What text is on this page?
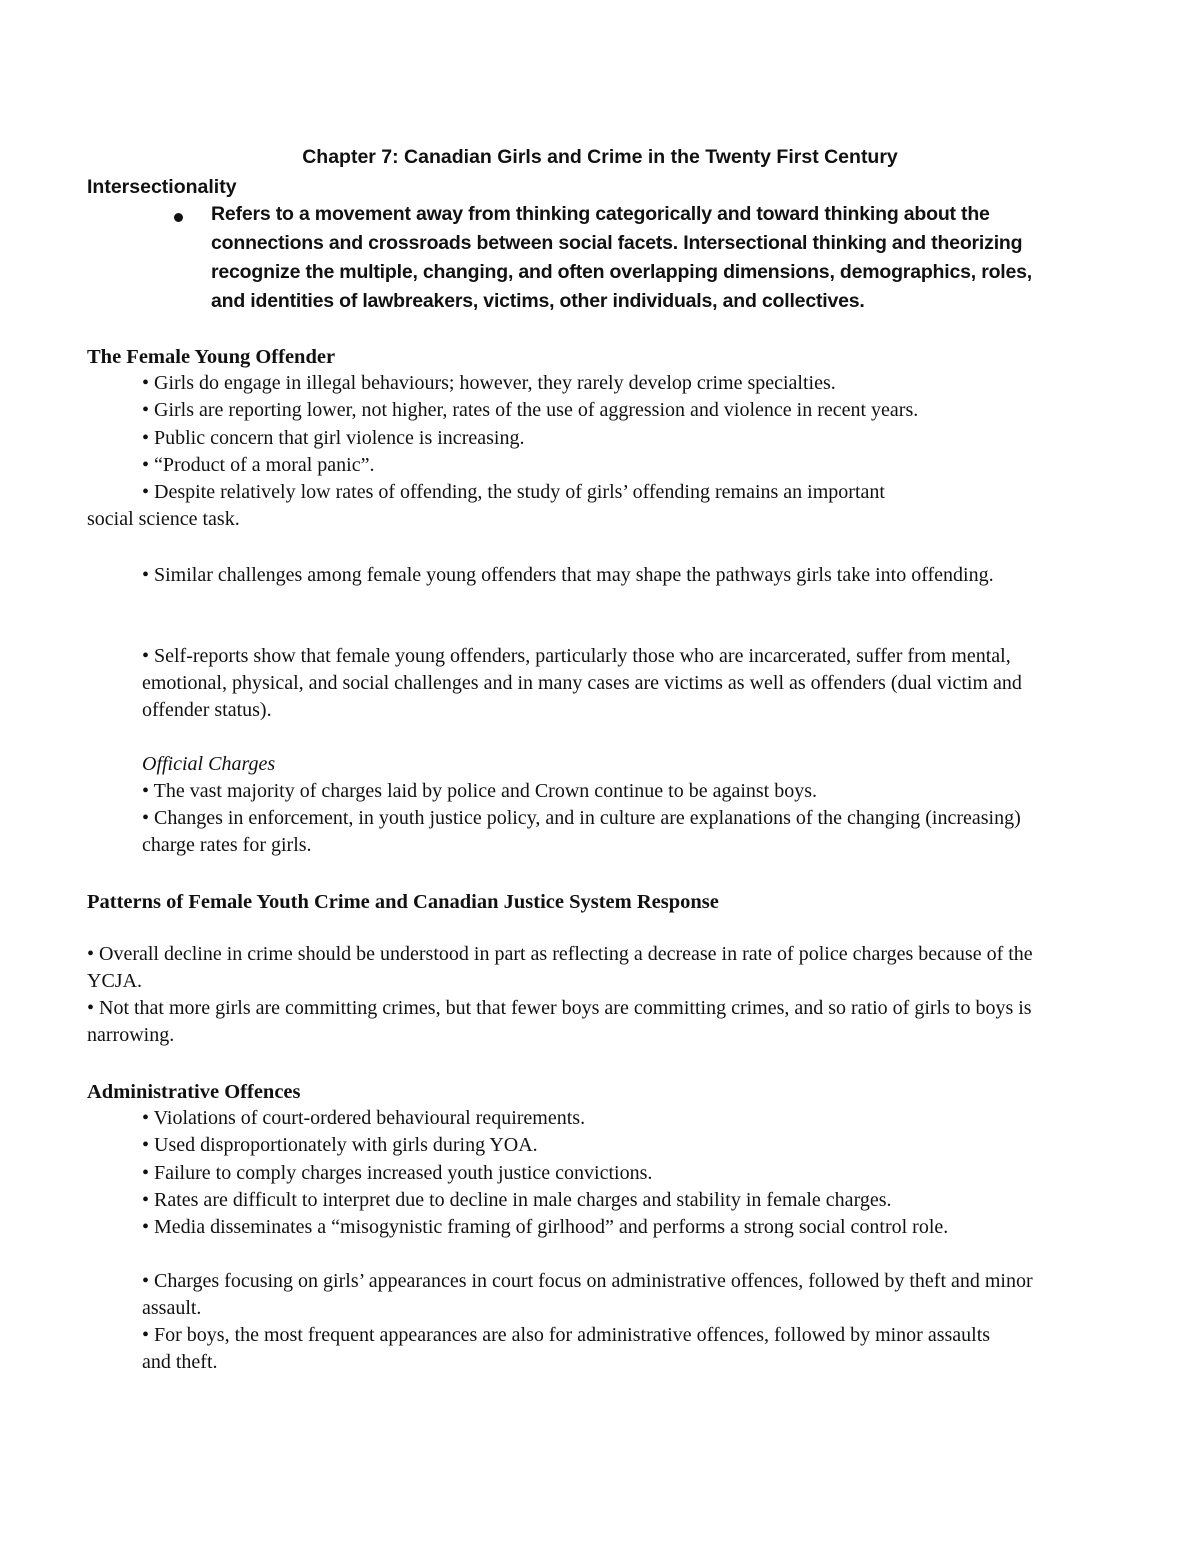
Chapter 7: Canadian Girls and Crime in the Twenty First Century
Intersectionality
Refers to a movement away from thinking categorically and toward thinking about the connections and crossroads between social facets. Intersectional thinking and theorizing recognize the multiple, changing, and often overlapping dimensions, demographics, roles, and identities of lawbreakers, victims, other individuals, and collectives.
The Female Young Offender
• Girls do engage in illegal behaviours; however, they rarely develop crime specialties.
• Girls are reporting lower, not higher, rates of the use of aggression and violence in recent years.
• Public concern that girl violence is increasing.
• “Product of a moral panic”.
• Despite relatively low rates of offending, the study of girls’ offending remains an important
social science task.
• Similar challenges among female young offenders that may shape the pathways girls take into offending.
• Self-reports show that female young offenders, particularly those who are incarcerated, suffer from mental, emotional, physical, and social challenges and in many cases are victims as well as offenders (dual victim and offender status).
Official Charges
• The vast majority of charges laid by police and Crown continue to be against boys.
• Changes in enforcement, in youth justice policy, and in culture are explanations of the changing (increasing) charge rates for girls.
Patterns of Female Youth Crime and Canadian Justice System Response
• Overall decline in crime should be understood in part as reflecting a decrease in rate of police charges because of the YCJA.
• Not that more girls are committing crimes, but that fewer boys are committing crimes, and so ratio of girls to boys is narrowing.
Administrative Offences
• Violations of court-ordered behavioural requirements.
• Used disproportionately with girls during YOA.
• Failure to comply charges increased youth justice convictions.
• Rates are difficult to interpret due to decline in male charges and stability in female charges.
• Media disseminates a “misogynistic framing of girlhood” and performs a strong social control role.
• Charges focusing on girls’ appearances in court focus on administrative offences, followed by theft and minor assault.
• For boys, the most frequent appearances are also for administrative offences, followed by minor assaults and theft.
